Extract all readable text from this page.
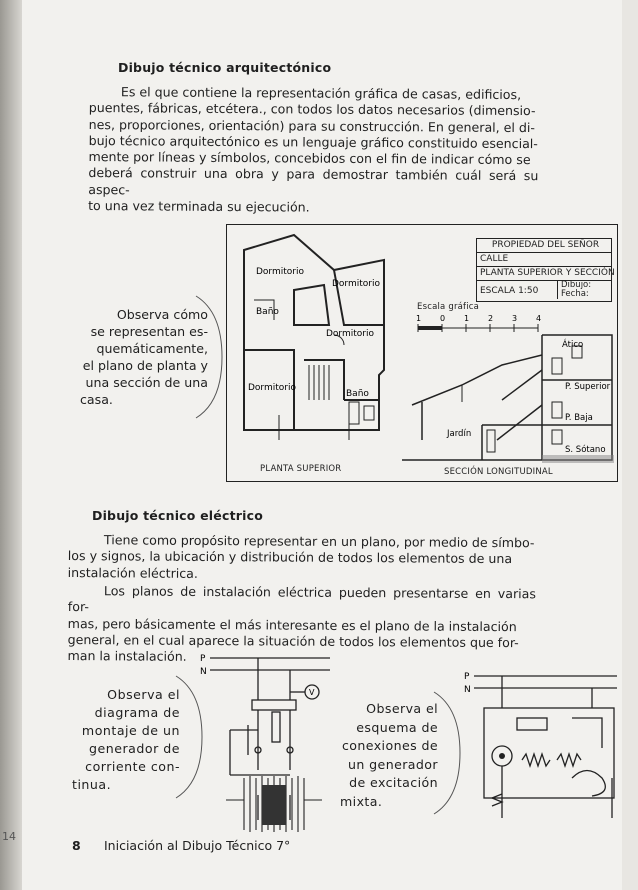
14
Dibujo técnico arquitectónico
Es el que contiene la representación gráfica de casas, edificios,
puentes, fábricas, etcétera., con todos los datos necesarios (dimensio-
nes, proporciones, orientación) para su construcción. En general, el di-
bujo técnico arquitectónico es un lenguaje gráfico constituido esencial-
mente por líneas y símbolos, concebidos con el fin de indicar cómo se
deberá construir una obra y para demostrar también cuál será su aspec-
to una vez terminada su ejecución.
Observa cómo
se representan es-
quemáticamente,
el plano de planta y
una sección de una
casa.
Dormitorio
Dormitorio
Baño
Dormitorio
Dormitorio
Baño
PROPIEDAD DEL SEÑOR
CALLE
PLANTA SUPERIOR Y SECCIÓN
ESCALA 1:50
Dibujo:
Fecha:
Escala gráfica
1 0 1 2 3 4
Ático
P. Superior
P. Baja
S. Sótano
Jardín
PLANTA SUPERIOR	SECCIÓN LONGITUDINAL
Dibujo técnico eléctrico
Tiene como propósito representar en un plano, por medio de símbo-
los y signos, la ubicación y distribución de todos los elementos de una
instalación eléctrica.
Los planos de instalación eléctrica pueden presentarse en varias for-
mas, pero básicamente el más interesante es el plano de la instalación
general, en el cual aparece la situación de todos los elementos que for-
man la instalación.
Observa el
diagrama de
montaje de un
generador de
corriente con-
tinua.
P
N
V
Observa el
esquema de
conexiones de
un generador
de excitación
mixta.
P
N
8 Iniciación al Dibujo Técnico 7°
